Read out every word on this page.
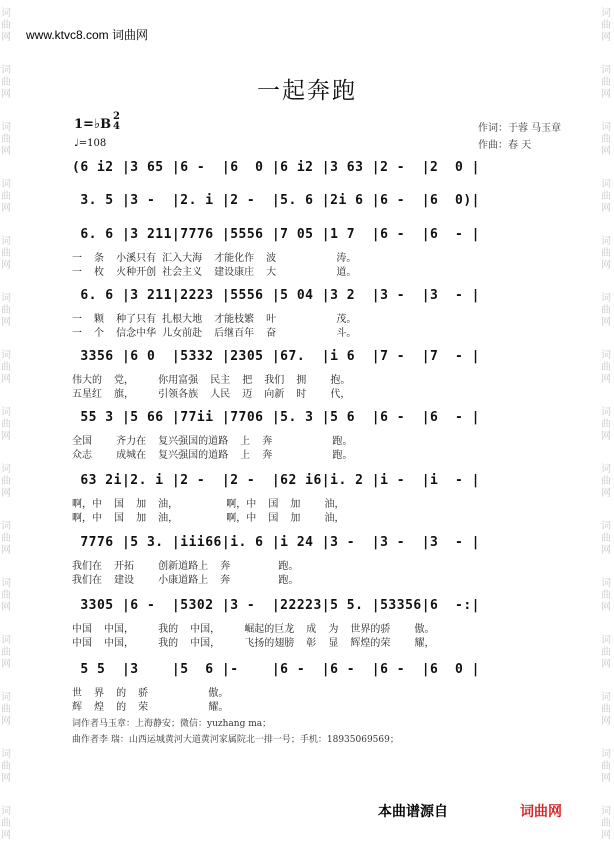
词
曲
网
词
曲
网
词
曲
网
词
曲
网
词
曲
网
词
曲
网
词
曲
网
词
曲
网
词
曲
网
词
曲
网
词
曲
网
词
曲
网
词
曲
网
词
曲
网
词
曲
网
词
曲
网
词
曲
网
词
曲
网
词
曲
网
词
曲
网
词
曲
网
词
曲
网
词
曲
网
词
曲
网
词
曲
网
词
曲
网
词
曲
网
词
曲
网
词
曲
网
词
曲
网
www.ktvc8.com 词曲网
一起奔跑
1=♭B
2
4
♩=108
作词：于蓉 马玉章
作曲：春 天
(6 i2 |3 65 |6 -  |6  0 |6 i2 |3 63 |2 -  |2  0 |
3. 5 |3 -  |2. i |2 -  |5. 6 |2i 6 |6 -  |6  0)|
6. 6 |3 211|7776 |5556 |7 05 |1 7  |6 -  |6  - |
一  条  小溪只有 汇入大海  才能化作  波          涛。
一  枚  火种开创 社会主义  建设康庄  大          道。
6. 6 |3 211|2223 |5556 |5 04 |3 2  |3 -  |3  - |
一  颗  种了只有 扎根大地  才能枝繁  叶          茂。
一  个  信念中华 儿女前赴  后继百年  奋          斗。
3356 |6 0  |5332 |2305 |67.  |i 6  |7 -  |7  - |
伟大的  党，    你用富强  民主  把  我们  拥    抱。
五星红  旗，    引领各族  人民  迈  向新  时    代，
55 3 |5 66 |77ii |7706 |5. 3 |5 6  |6 -  |6  - |
全国    齐力在  复兴强国的道路  上  奔          跑。
众志    成城在  复兴强国的道路  上  奔          跑。
63 2i|2. i |2 -  |2 -  |62 i6|i. 2 |i -  |i  - |
啊，中  国  加  油，        啊，中  国  加    油，
啊，中  国  加  油，        啊，中  国  加    油，
7776 |5 3. |iii66|i. 6 |i 24 |3 -  |3 -  |3  - |
我们在  开拓    创新道路上  奔        跑。
我们在  建设    小康道路上  奔        跑。
3305 |6 -  |5302 |3 -  |22223|5 5. |53356|6  -:|
中国  中国，    我的  中国，    崛起的巨龙  成  为  世界的骄    傲。
中国  中国，    我的  中国，    飞扬的翅膀  彰  显  辉煌的荣    耀，
5 5  |3    |5  6 |-    |6 -  |6 -  |6 -  |6  0 |
世  界  的  骄          傲。
辉  煌  的  荣          耀。
词作者马玉章：上海静安；微信：yuzhang ma；
曲作者李 瑞：山西运城黄河大道黄河家属院北一排一号；手机：18935069569；
本曲谱源自	词曲网
